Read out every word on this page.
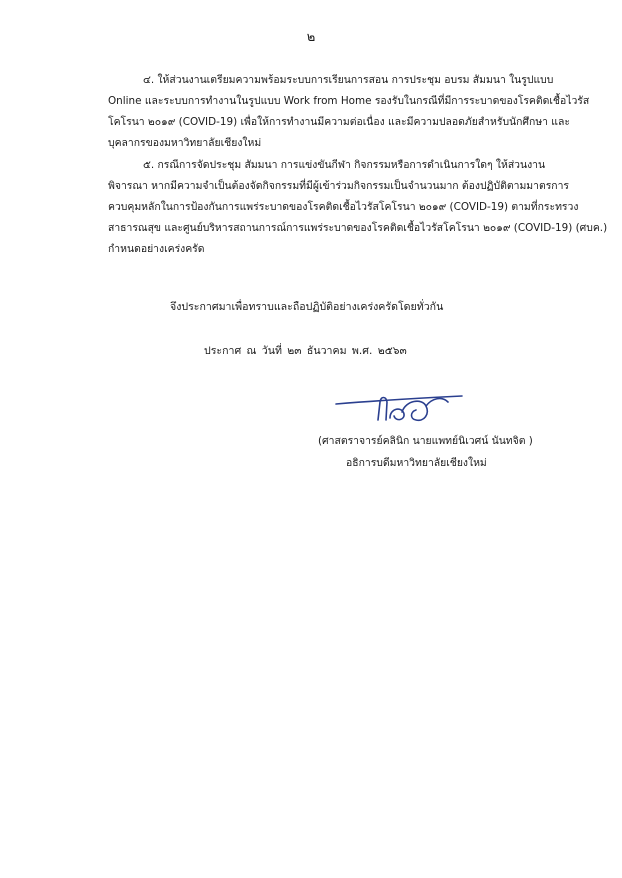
๒
๔. ให้ส่วนงานเตรียมความพร้อมระบบการเรียนการสอน การประชุม อบรม สัมมนา ในรูปแบบ
Online และระบบการทำงานในรูปแบบ Work from Home รองรับในกรณีที่มีการระบาดของโรคติดเชื้อไวรัส
โคโรนา ๒๐๑๙ (COVID-19) เพื่อให้การทำงานมีความต่อเนื่อง และมีความปลอดภัยสำหรับนักศึกษา และ
บุคลากรของมหาวิทยาลัยเชียงใหม่
๕. กรณีการจัดประชุม สัมมนา การแข่งขันกีฬา กิจกรรมหรือการดำเนินการใดๆ ให้ส่วนงาน
พิจารณา หากมีความจำเป็นต้องจัดกิจกรรมที่มีผู้เข้าร่วมกิจกรรมเป็นจำนวนมาก ต้องปฏิบัติตามมาตรการ
ควบคุมหลักในการป้องกันการแพร่ระบาดของโรคติดเชื้อไวรัสโคโรนา ๒๐๑๙ (COVID-19) ตามที่กระทรวง
สาธารณสุข และศูนย์บริหารสถานการณ์การแพร่ระบาดของโรคติดเชื้อไวรัสโคโรนา ๒๐๑๙ (COVID-19) (ศบค.)
กำหนดอย่างเคร่งครัด
จึงประกาศมาเพื่อทราบและถือปฏิบัติอย่างเคร่งครัดโดยทั่วกัน
ประกาศ ณ วันที่ ๒๓ ธันวาคม พ.ศ. ๒๕๖๓
(ศาสตราจารย์คลินิก นายแพทย์นิเวศน์ นันทจิต )
อธิการบดีมหาวิทยาลัยเชียงใหม่
